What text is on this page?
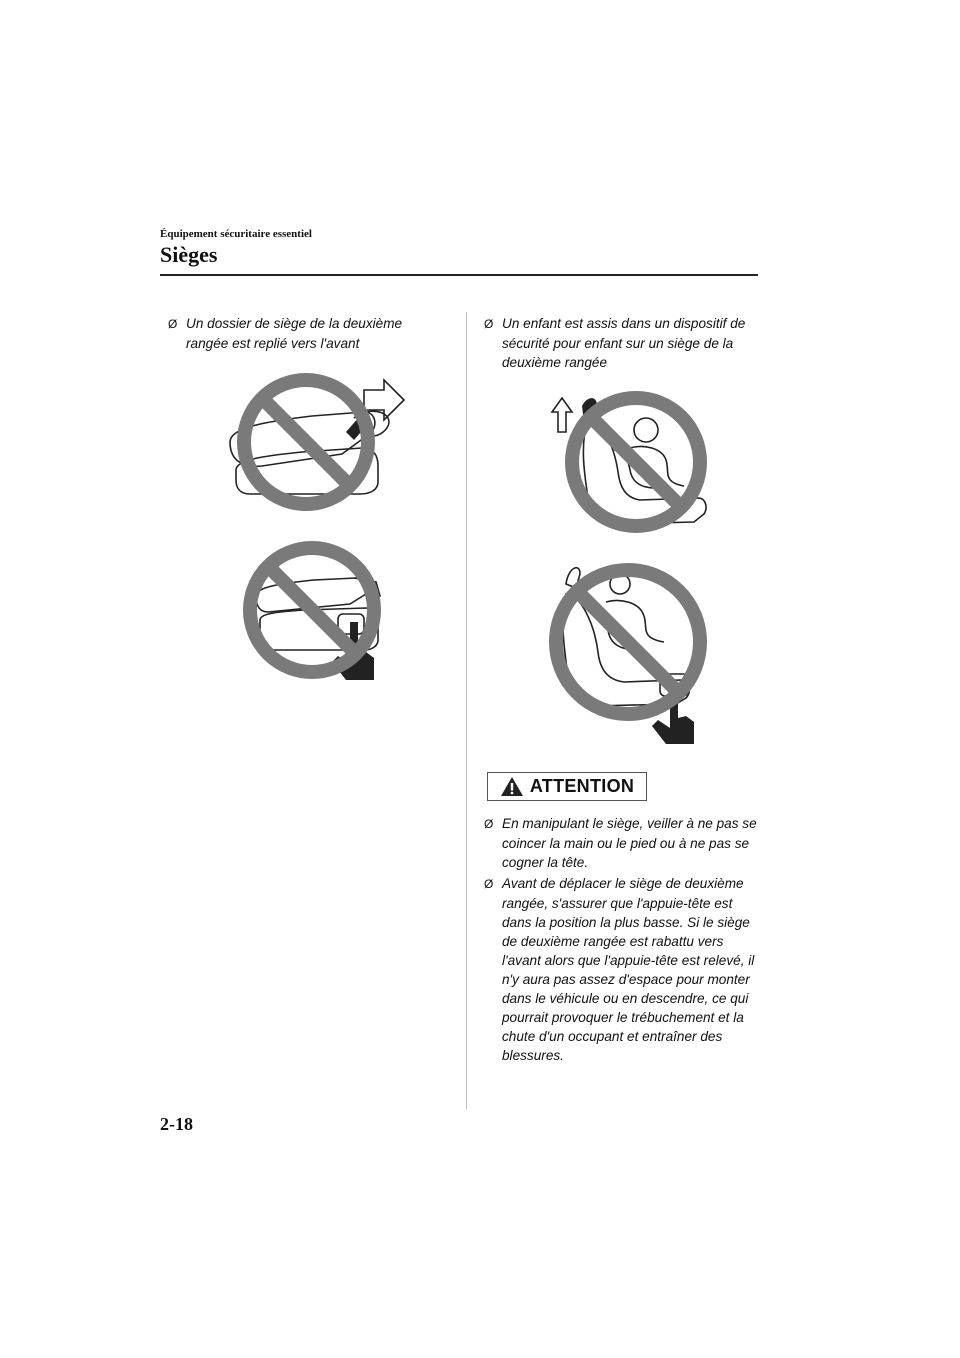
Équipement sécuritaire essentiel
Sièges

Ø Un dossier de siège de la deuxième rangée est replié vers l'avant

Ø Un enfant est assis dans un dispositif de sécurité pour enfant sur un siège de la deuxième rangée

ATTENTION

Ø En manipulant le siège, veiller à ne pas se coincer la main ou le pied ou à ne pas se cogner la tête.

Ø Avant de déplacer le siège de deuxième rangée, s'assurer que l'appuie-tête est dans la position la plus basse. Si le siège de deuxième rangée est rabattu vers l'avant alors que l'appuie-tête est relevé, il n'y aura pas assez d'espace pour monter dans le véhicule ou en descendre, ce qui pourrait provoquer le trébuchement et la chute d'un occupant et entraîner des blessures.

2-18
